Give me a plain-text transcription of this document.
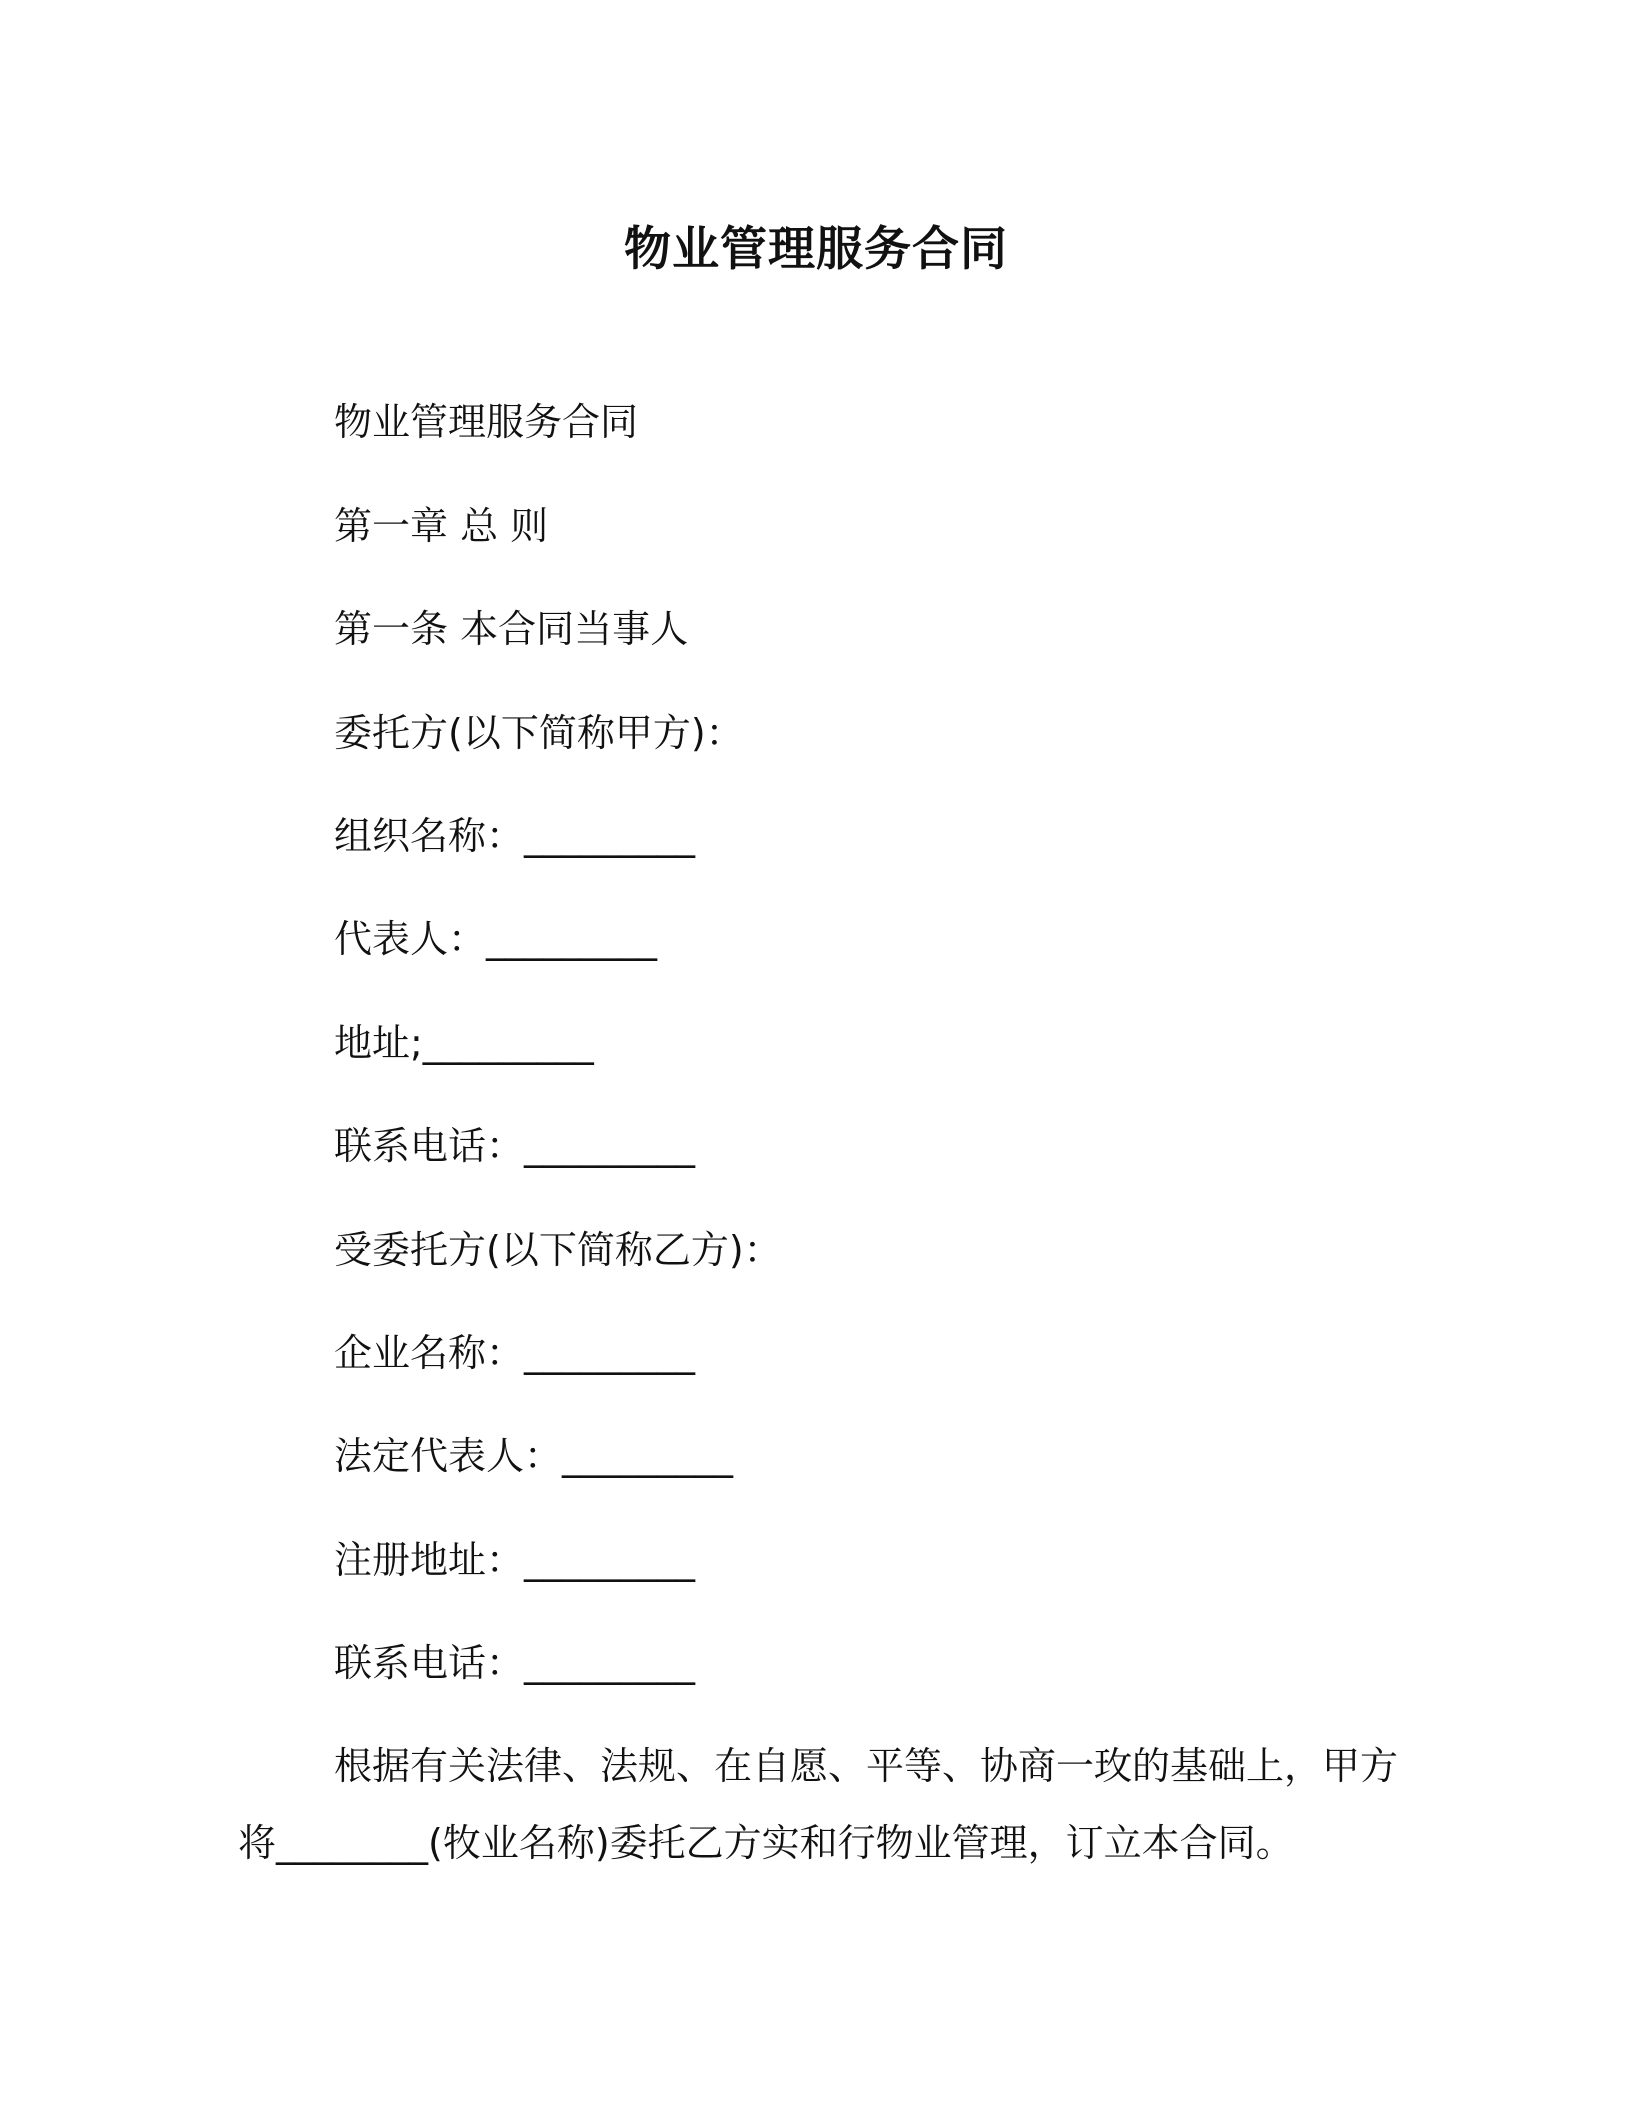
物业管理服务合同
物业管理服务合同
第一章 总 则
第一条 本合同当事人
委托方(以下简称甲方)：
组织名称：_________
代表人：_________
地址;_________
联系电话：_________
受委托方(以下简称乙方)：
企业名称：_________
法定代表人：_________
注册地址：_________
联系电话：_________
根据有关法律、法规、在自愿、平等、协商一玫的基础上，甲方
将________(牧业名称)委托乙方实和行物业管理，订立本合同。
